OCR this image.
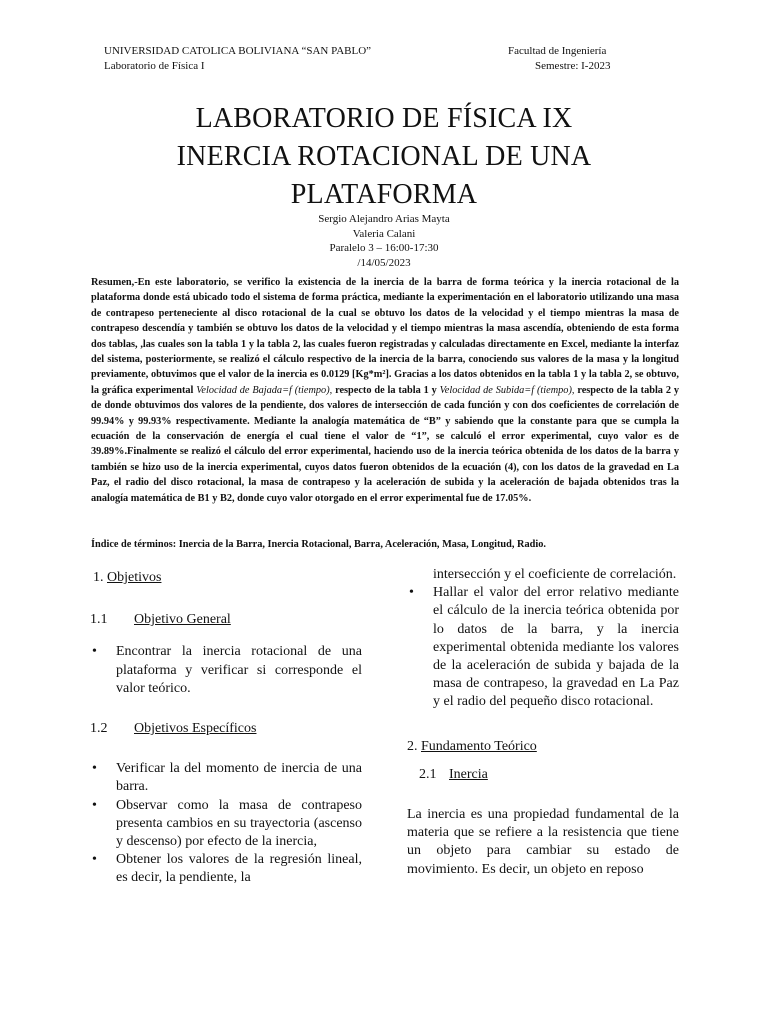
UNIVERSIDAD CATOLICA BOLIVIANA “SAN PABLO”
Laboratorio de Física I
Facultad de Ingeniería
Semestre: I-2023
LABORATORIO DE FÍSICA IX
INERCIA ROTACIONAL DE UNA
PLATAFORMA
Sergio Alejandro Arias Mayta
Valeria Calani
Paralelo 3 – 16:00-17:30
/14/05/2023
Resumen,-En este laboratorio, se verifico la existencia de la inercia de la barra de forma teórica y la inercia rotacional de la plataforma donde está ubicado todo el sistema de forma práctica, mediante la experimentación en el laboratorio utilizando una masa de contrapeso perteneciente al disco rotacional de la cual se obtuvo los datos de la velocidad y el tiempo mientras la masa de contrapeso descendía y también se obtuvo los datos de la velocidad y el tiempo mientras la masa ascendía, obteniendo de esta forma dos tablas, ,las cuales son la tabla 1 y la tabla 2, las cuales fueron registradas y calculadas directamente en Excel, mediante la interfaz del sistema, posteriormente, se realizó el cálculo respectivo de la inercia de la barra, conociendo sus valores de la masa y la longitud previamente, obtuvimos que el valor de la inercia es 0.0129 [Kg*m²]. Gracias a los datos obtenidos en la tabla 1 y la tabla 2, se obtuvo, la gráfica experimental Velocidad de Bajada=f (tiempo), respecto de la tabla 1 y Velocidad de Subida=f (tiempo), respecto de la tabla 2 y de donde obtuvimos dos valores de la pendiente, dos valores de intersección de cada función y con dos coeficientes de correlación de 99.94% y 99.93% respectivamente. Mediante la analogía matemática de “B” y sabiendo que la constante para que se cumpla la ecuación de la conservación de energía el cual tiene el valor de “1”, se calculó el error experimental, cuyo valor es de 39.89%.Finalmente se realizó el cálculo del error experimental, haciendo uso de la inercia teórica obtenida de los datos de la barra y también se hizo uso de la inercia experimental, cuyos datos fueron obtenidos de la ecuación (4), con los datos de la gravedad en La Paz, el radio del disco rotacional, la masa de contrapeso y la aceleración de subida y la aceleración de bajada obtenidos tras la analogía matemática de B1 y B2, donde cuyo valor otorgado en el error experimental fue de 17.05%.
Índice de términos: Inercia de la Barra, Inercia Rotacional, Barra, Aceleración, Masa, Longitud, Radio.
1. Objetivos
1.1	Objetivo General
• Encontrar la inercia rotacional de una plataforma y verificar si corresponde el valor teórico.
1.2	Objetivos Específicos
• Verificar la del momento de inercia de una barra.
• Observar como la masa de contrapeso presenta cambios en su trayectoria (ascenso y descenso) por efecto de la inercia,
• Obtener los valores de la regresión lineal, es decir, la pendiente, la
intersección y el coeficiente de correlación.
• Hallar el valor del error relativo mediante el cálculo de la inercia teórica obtenida por lo datos de la barra, y la inercia experimental obtenida mediante los valores de la aceleración de subida y bajada de la masa de contrapeso, la gravedad en La Paz y el radio del pequeño disco rotacional.
2. Fundamento Teórico
2.1 Inercia

La inercia es una propiedad fundamental de la materia que se refiere a la resistencia que tiene un objeto para cambiar su estado de movimiento. Es decir, un objeto en reposo
